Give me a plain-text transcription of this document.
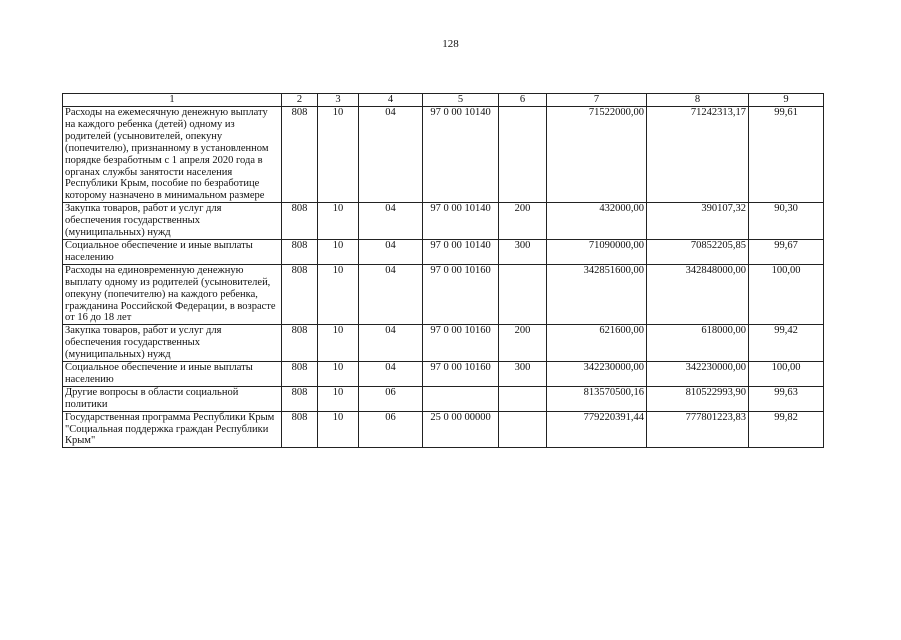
128
1	2	3	4	5	6	7	8	9
Расходы на ежемесячную денежную выплату на каждого ребенка (детей) одному из родителей (усыновителей, опекуну (попечителю), признанному в установленном порядке безработным с 1 апреля 2020 года в органах службы занятости населения Республики Крым, пособие по безработице которому назначено в минимальном размере	808	10	04	97 0 00 10140		71522000,00	71242313,17	99,61
Закупка товаров, работ и услуг для обеспечения государственных (муниципальных) нужд	808	10	04	97 0 00 10140	200	432000,00	390107,32	90,30
Социальное обеспечение и иные выплаты населению	808	10	04	97 0 00 10140	300	71090000,00	70852205,85	99,67
Расходы на единовременную денежную выплату одному из родителей (усыновителей, опекуну (попечителю) на каждого ребенка, гражданина Российской Федерации, в возрасте от 16 до 18 лет	808	10	04	97 0 00 10160		342851600,00	342848000,00	100,00
Закупка товаров, работ и услуг для обеспечения государственных (муниципальных) нужд	808	10	04	97 0 00 10160	200	621600,00	618000,00	99,42
Социальное обеспечение и иные выплаты населению	808	10	04	97 0 00 10160	300	342230000,00	342230000,00	100,00
Другие вопросы в области социальной политики	808	10	06			813570500,16	810522993,90	99,63
Государственная программа Республики Крым "Социальная поддержка граждан Республики Крым"	808	10	06	25 0 00 00000		779220391,44	777801223,83	99,82
